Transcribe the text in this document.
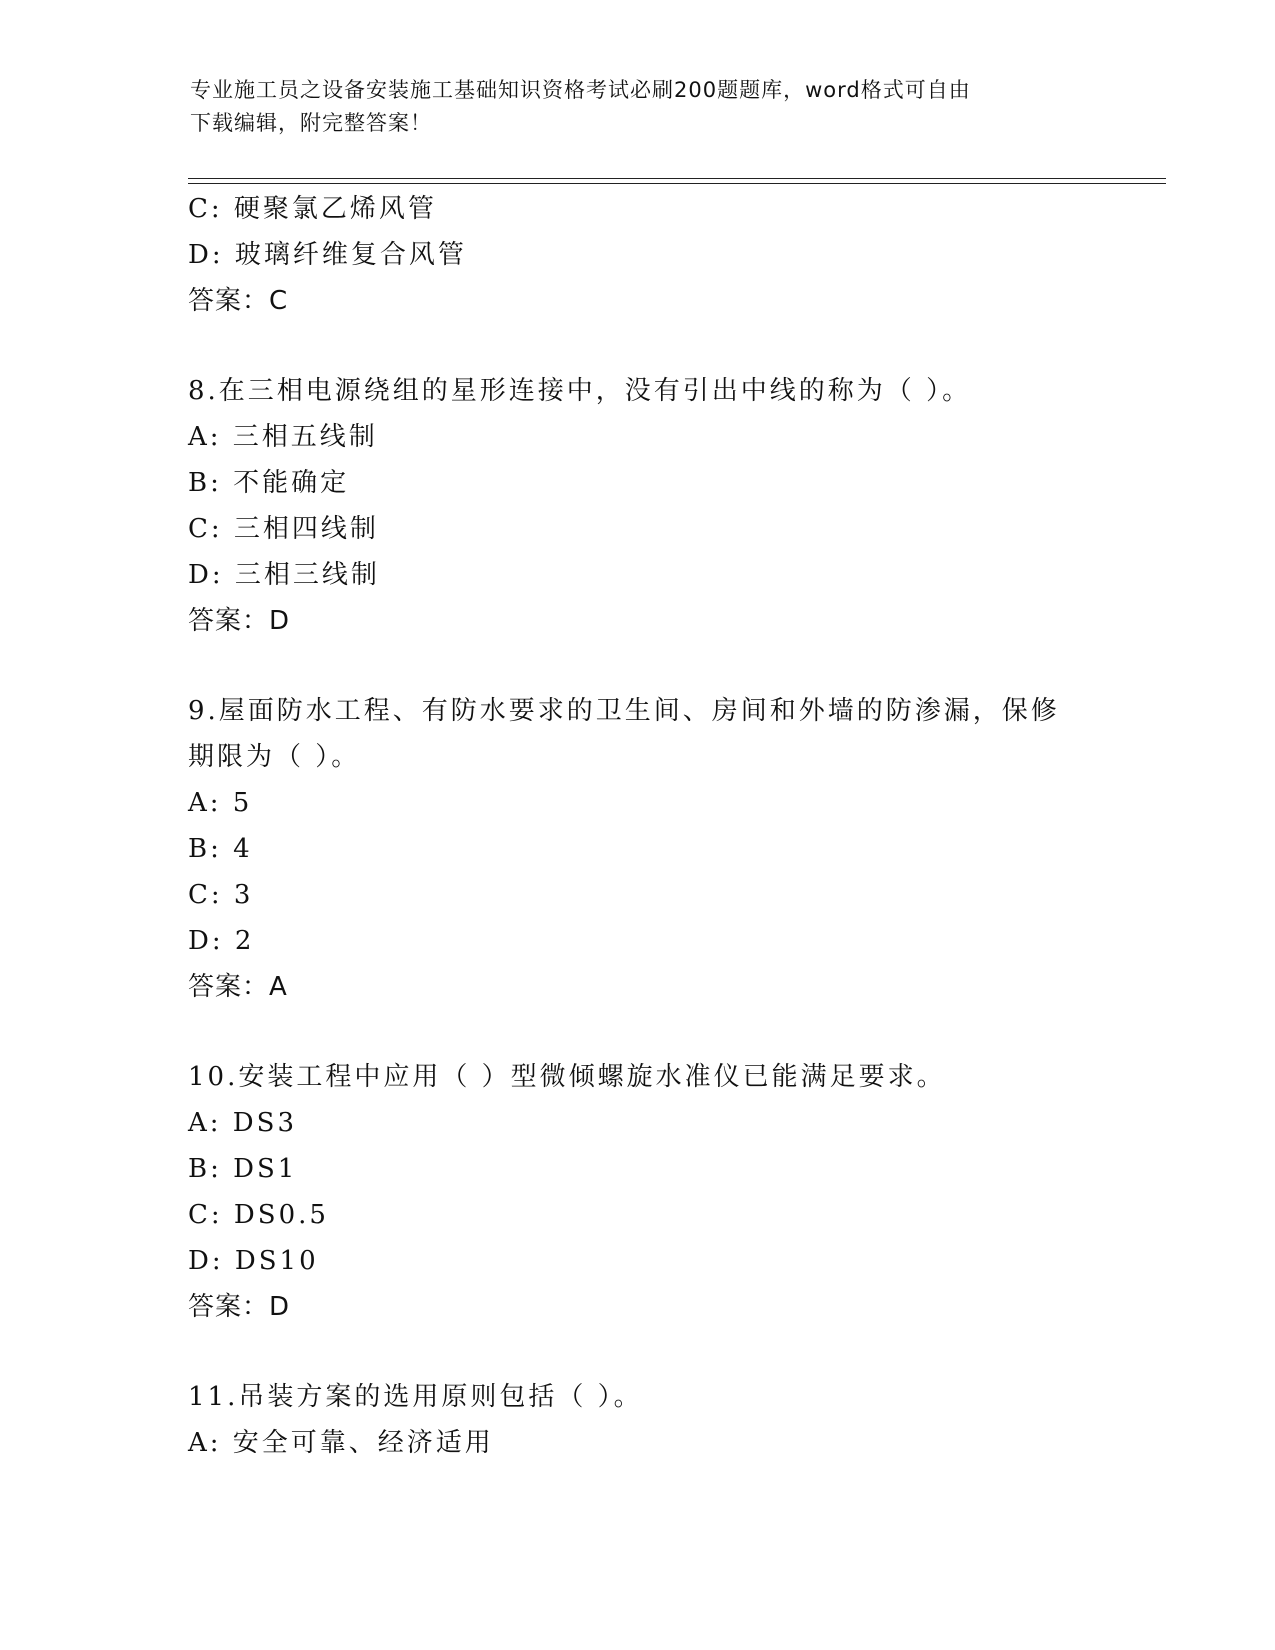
专业施工员之设备安装施工基础知识资格考试必刷200题题库，word格式可自由
下载编辑，附完整答案！
C: 硬聚氯乙烯风管
D: 玻璃纤维复合风管
答案：C
8.在三相电源绕组的星形连接中，没有引出中线的称为（ ）。
A: 三相五线制
B: 不能确定
C: 三相四线制
D: 三相三线制
答案：D
9.屋面防水工程、有防水要求的卫生间、房间和外墙的防渗漏，保修
期限为（ ）。
A: 5
B: 4
C: 3
D: 2
答案：A
10.安装工程中应用（ ）型微倾螺旋水准仪已能满足要求。
A: DS3
B: DS1
C: DS0.5
D: DS10
答案：D
11.吊装方案的选用原则包括（ ）。
A: 安全可靠、经济适用
